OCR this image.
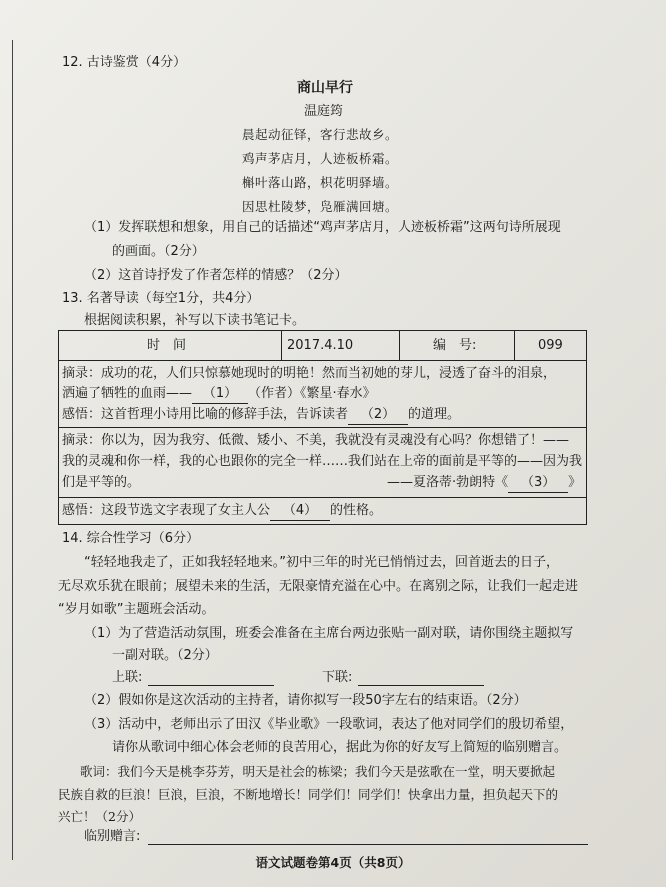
12. 古诗鉴赏（4分）
商山早行
温庭筠
晨起动征铎，客行悲故乡。
鸡声茅店月，人迹板桥霜。
槲叶落山路，枳花明驿墙。
因思杜陵梦，凫雁满回塘。
（1）发挥联想和想象，用自己的话描述“鸡声茅店月，人迹板桥霜”这两句诗所展现
的画面。（2分）
（2）这首诗抒发了作者怎样的情感？（2分）
13. 名著导读（每空1分，共4分）
根据阅读积累，补写以下读书笔记卡。
时　间	2017.4.10	编　号:	099
摘录：成功的花，人们只惊慕她现时的明艳！然而当初她的芽儿，浸透了奋斗的泪泉，
洒遍了牺牲的血雨—— （1） （作者）《繁星·春水》
感悟：这首哲理小诗用比喻的修辞手法，告诉读者 （2） 的道理。
摘录：你以为，因为我穷、低微、矮小、不美，我就没有灵魂没有心吗？你想错了！——
我的灵魂和你一样，我的心也跟你的完全一样……我们站在上帝的面前是平等的——因为我
们是平等的。	——夏洛蒂·勃朗特《 （3） 》
感悟：这段节选文字表现了女主人公 （4） 的性格。
14. 综合性学习（6分）
“轻轻地我走了，正如我轻轻地来。”初中三年的时光已悄悄过去，回首逝去的日子，
无尽欢乐犹在眼前；展望未来的生活，无限豪情充溢在心中。在离别之际，让我们一起走进
“岁月如歌”主题班会活动。
（1）为了营造活动氛围，班委会准备在主席台两边张贴一副对联，请你围绕主题拟写
一副对联。（2分）
上联:	下联:
（2）假如你是这次活动的主持者，请你拟写一段50字左右的结束语。（2分）
（3）活动中，老师出示了田汉《毕业歌》一段歌词，表达了他对同学们的殷切希望，
请你从歌词中细心体会老师的良苦用心，据此为你的好友写上简短的临别赠言。
歌词：我们今天是桃李芬芳，明天是社会的栋梁；我们今天是弦歌在一堂，明天要掀起
民族自救的巨浪！巨浪，巨浪，不断地增长！同学们！同学们！快拿出力量，担负起天下的
兴亡！（2分）
临别赠言:
语文试题卷第4页（共8页）
